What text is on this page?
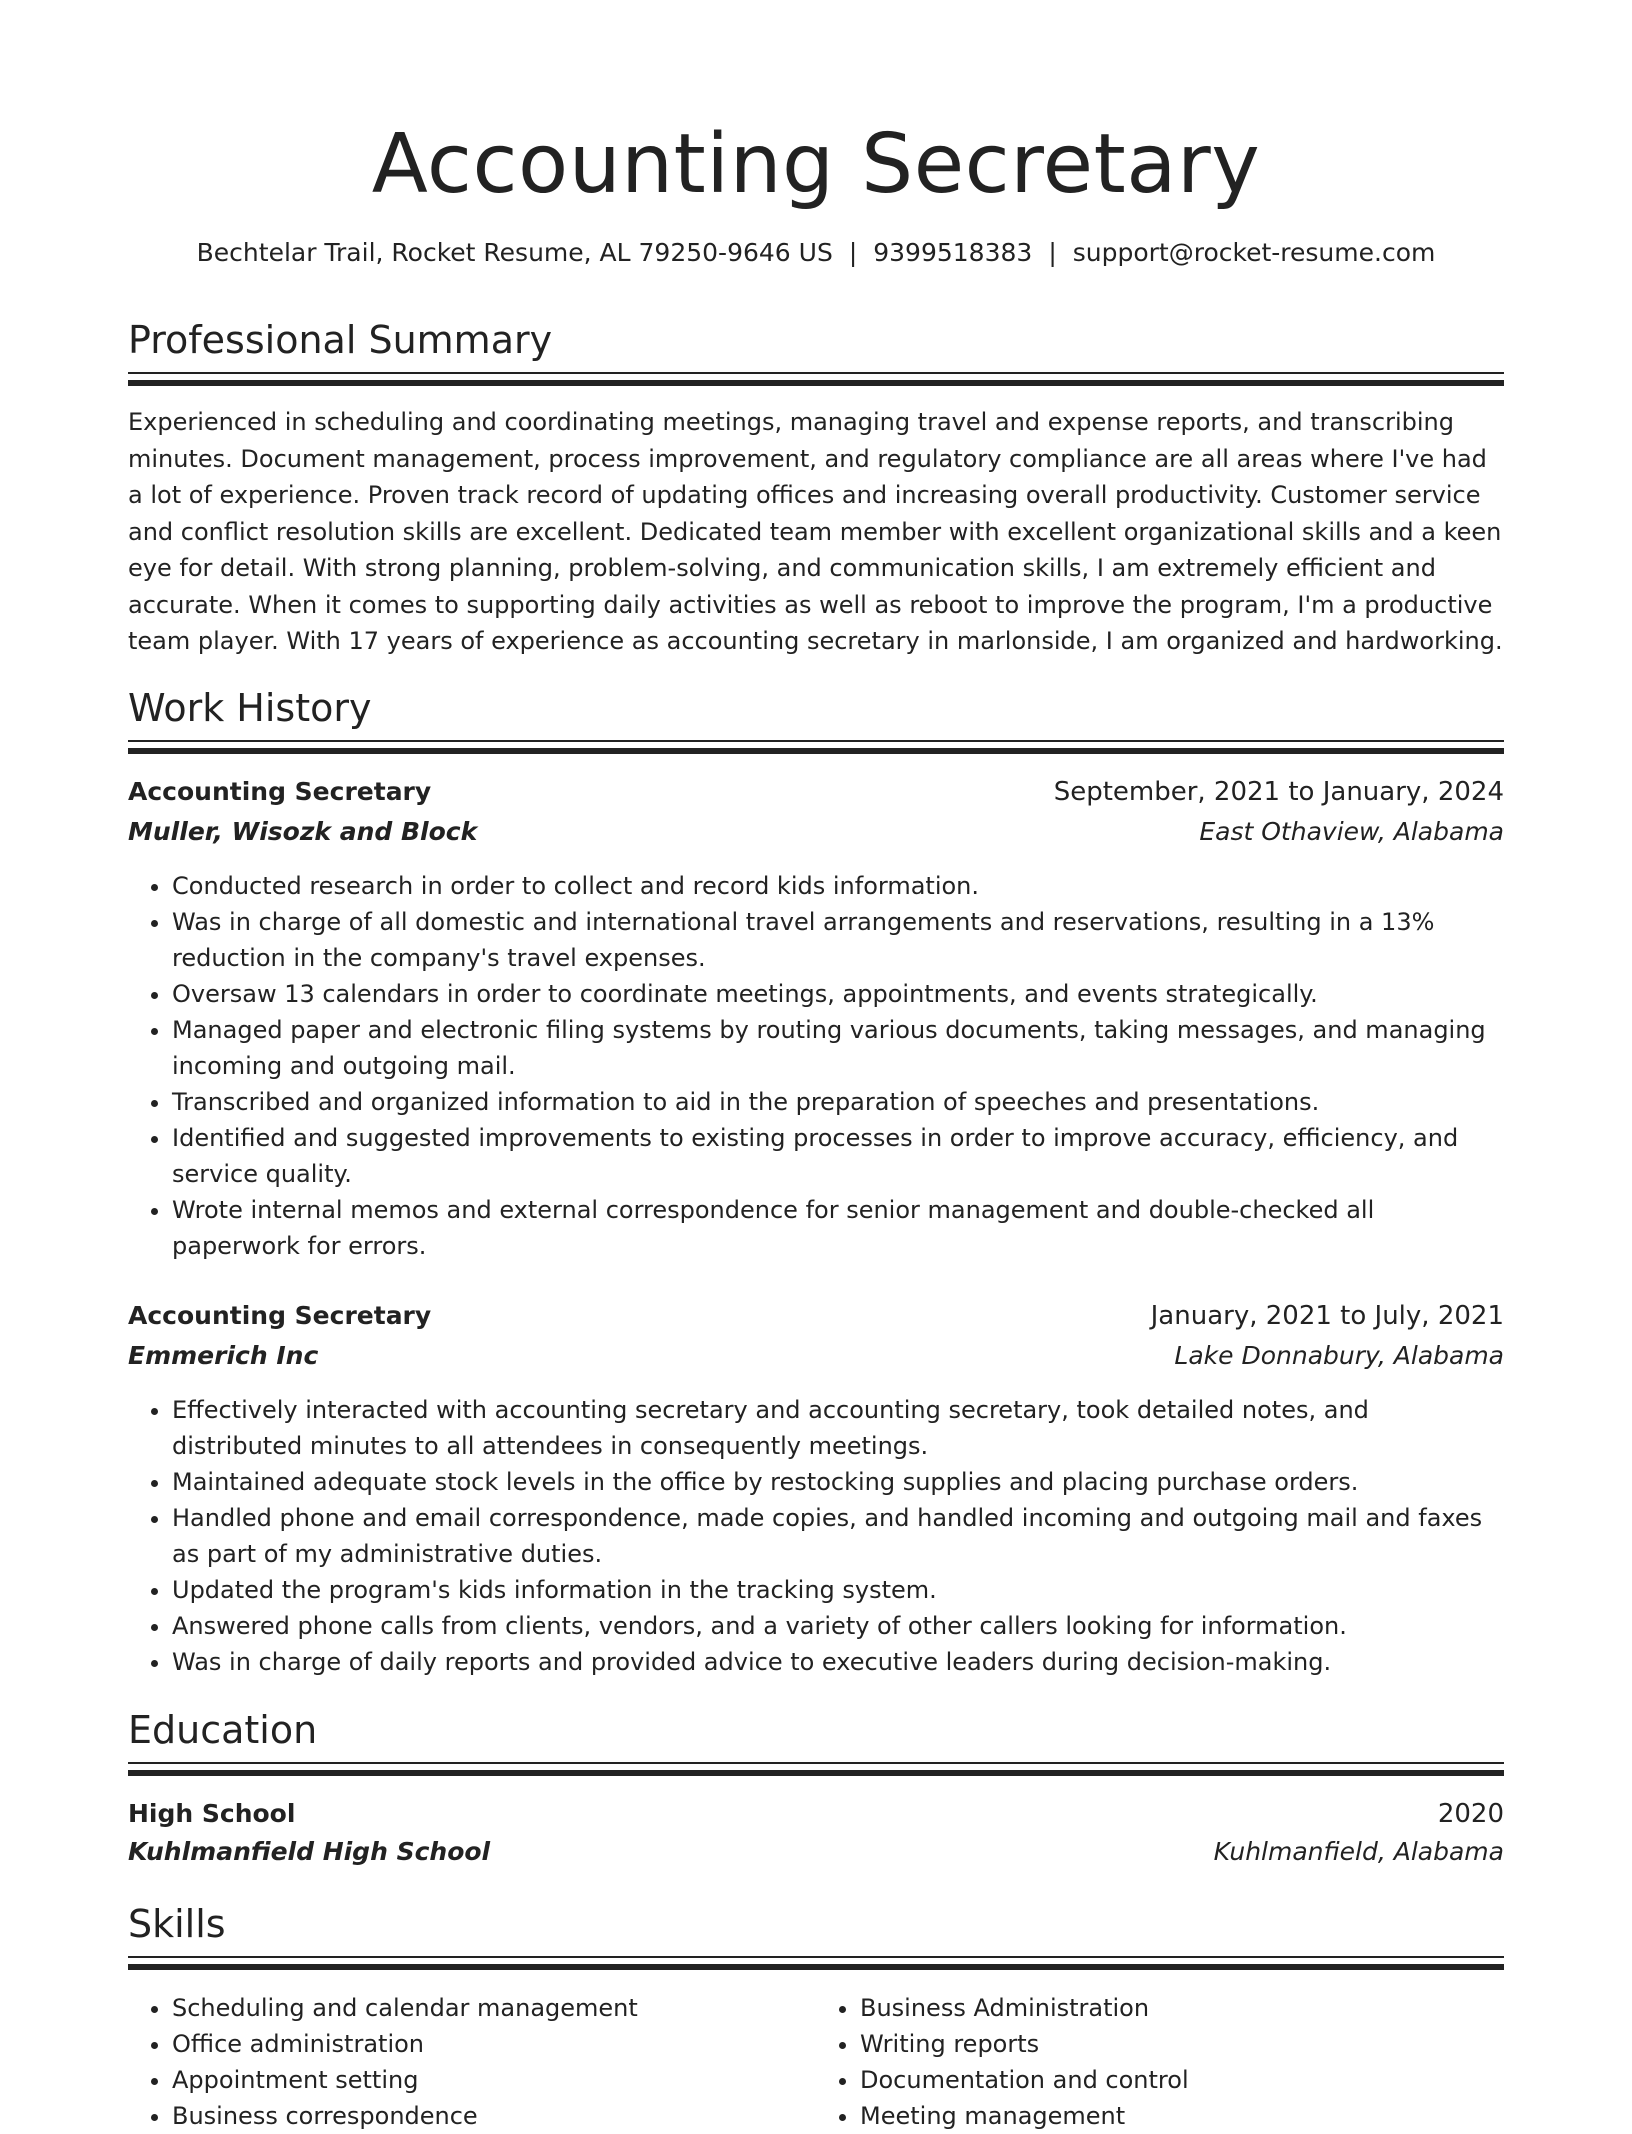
Accounting Secretary

Bechtelar Trail, Rocket Resume, AL 79250-9646 US | 9399518383 | support@rocket-resume.com

Professional Summary

Experienced in scheduling and coordinating meetings, managing travel and expense reports, and transcribing minutes. Document management, process improvement, and regulatory compliance are all areas where I've had a lot of experience. Proven track record of updating offices and increasing overall productivity. Customer service and conflict resolution skills are excellent. Dedicated team member with excellent organizational skills and a keen eye for detail. With strong planning, problem-solving, and communication skills, I am extremely efficient and accurate. When it comes to supporting daily activities as well as reboot to improve the program, I'm a productive team player. With 17 years of experience as accounting secretary in marlonside, I am organized and hardworking.

Work History
Accounting Secretary	September, 2021 to January, 2024
Muller, Wisozk and Block	East Othaview, Alabama
• Conducted research in order to collect and record kids information.
• Was in charge of all domestic and international travel arrangements and reservations, resulting in a 13% reduction in the company's travel expenses.
• Oversaw 13 calendars in order to coordinate meetings, appointments, and events strategically.
• Managed paper and electronic filing systems by routing various documents, taking messages, and managing incoming and outgoing mail.
• Transcribed and organized information to aid in the preparation of speeches and presentations.
• Identified and suggested improvements to existing processes in order to improve accuracy, efficiency, and service quality.
• Wrote internal memos and external correspondence for senior management and double-checked all paperwork for errors.
Accounting Secretary	January, 2021 to July, 2021
Emmerich Inc	Lake Donnabury, Alabama
• Effectively interacted with accounting secretary and accounting secretary, took detailed notes, and distributed minutes to all attendees in consequently meetings.
• Maintained adequate stock levels in the office by restocking supplies and placing purchase orders.
• Handled phone and email correspondence, made copies, and handled incoming and outgoing mail and faxes as part of my administrative duties.
• Updated the program's kids information in the tracking system.
• Answered phone calls from clients, vendors, and a variety of other callers looking for information.
• Was in charge of daily reports and provided advice to executive leaders during decision-making.
Education
High School	2020
Kuhlmanfield High School	Kuhlmanfield, Alabama
Skills
• Scheduling and calendar management
• Office administration
• Appointment setting
• Business correspondence
• Business Administration
• Writing reports
• Documentation and control
• Meeting management
